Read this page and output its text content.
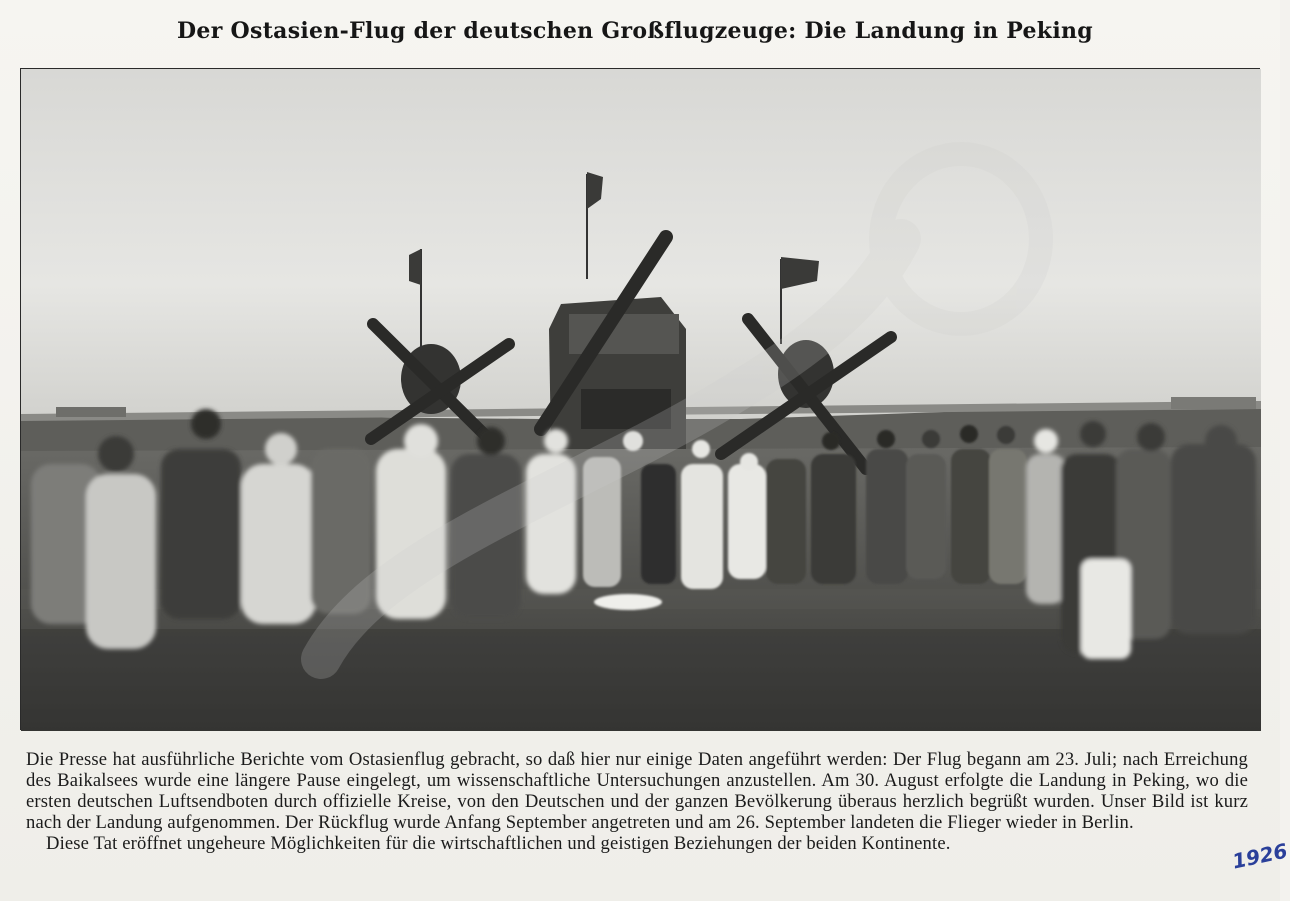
Der Ostasien-Flug der deutschen Großflugzeuge: Die Landung in Peking

Die Presse hat ausführliche Berichte vom Ostasienflug gebracht, so daß hier nur einige Daten angeführt werden: Der Flug begann am 23. Juli; nach Erreichung des Baikalsees wurde eine längere Pause eingelegt, um wissenschaftliche Untersuchungen anzustellen. Am 30. August erfolgte die Landung in Peking, wo die ersten deutschen Luftsendboten durch offizielle Kreise, von den Deutschen und der ganzen Bevölkerung überaus herzlich begrüßt wurden. Unser Bild ist kurz nach der Landung aufgenommen. Der Rückflug wurde Anfang September angetreten und am 26. September landeten die Flieger wieder in Berlin.

Diese Tat eröffnet ungeheure Möglichkeiten für die wirtschaftlichen und geistigen Beziehungen der beiden Kontinente.	1926
